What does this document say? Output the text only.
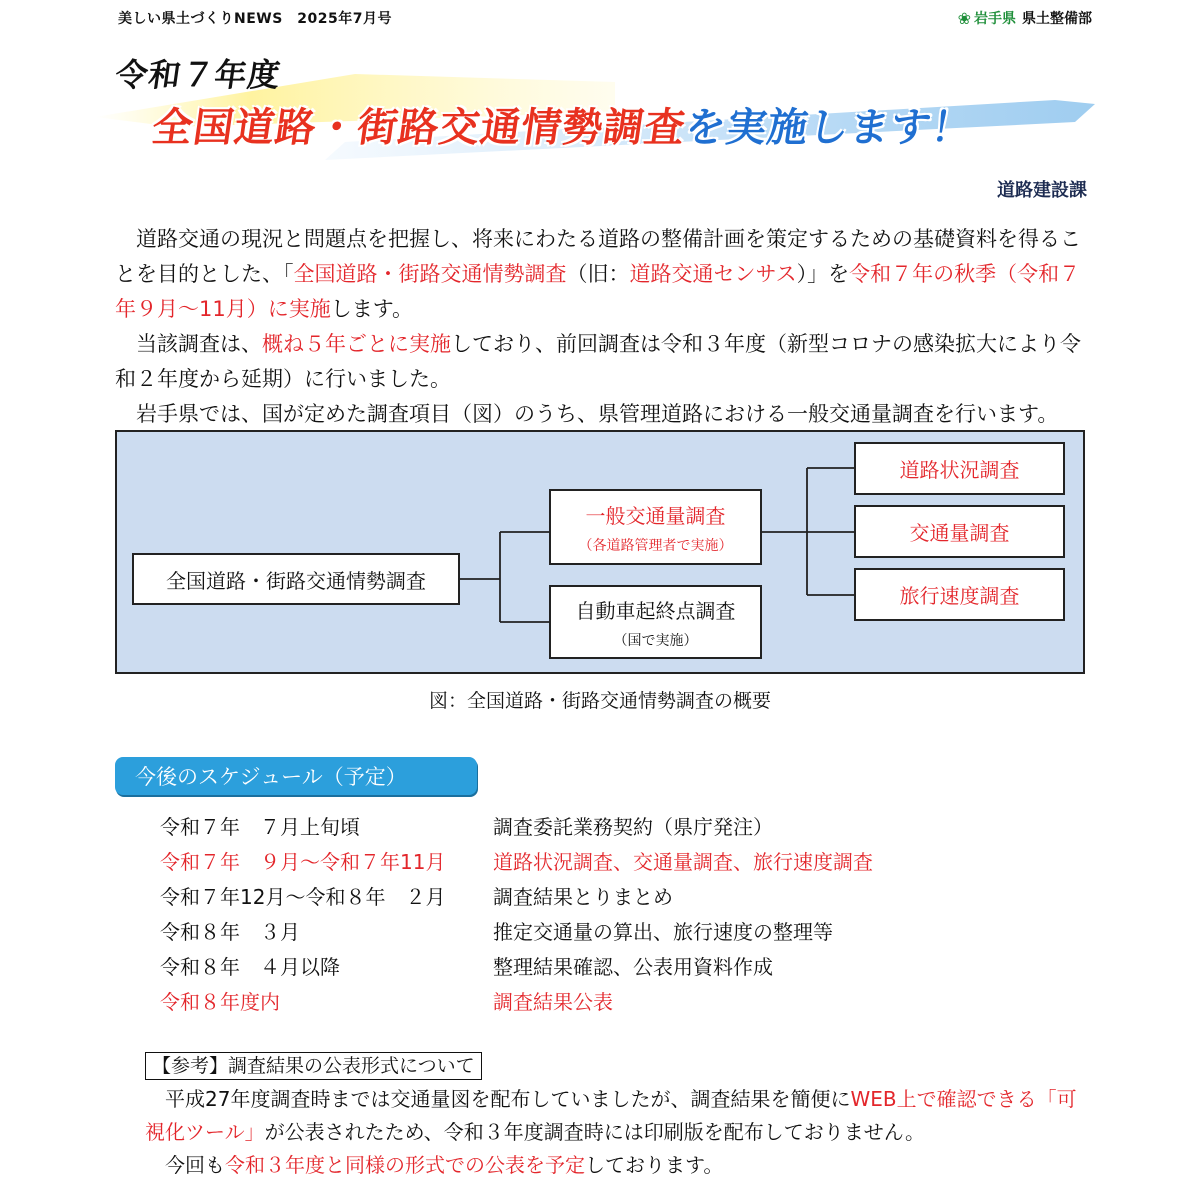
美しい県土づくりNEWS　2025年7月号	❀ 岩手県 県土整備部
令和７年度
全国道路・街路交通情勢調査を実施します！
道路建設課

　道路交通の現況と問題点を把握し、将来にわたる道路の整備計画を策定するための基礎資料を得ることを目的とした、「全国道路・街路交通情勢調査（旧：道路交通センサス）」を令和７年の秋季（令和７年９月～11月）に実施します。

　当該調査は、概ね５年ごとに実施しており、前回調査は令和３年度（新型コロナの感染拡大により令和２年度から延期）に行いました。

　岩手県では、国が定めた調査項目（図）のうち、県管理道路における一般交通量調査を行います。

全国道路・街路交通情勢調査
一般交通量調査
（各道路管理者で実施）
自動車起終点調査
（国で実施）
道路状況調査
交通量調査
旅行速度調査
図：全国道路・街路交通情勢調査の概要
今後のスケジュール（予定）
令和７年　７月上旬頃	調査委託業務契約（県庁発注）
令和７年　９月～令和７年11月 道路状況調査、交通量調査、旅行速度調査
令和７年12月～令和８年　２月 調査結果とりまとめ
令和８年　３月	推定交通量の算出、旅行速度の整理等
令和８年　４月以降	整理結果確認、公表用資料作成
令和８年度内	調査結果公表
【参考】調査結果の公表形式について

　平成27年度調査時までは交通量図を配布していましたが、調査結果を簡便にWEB上で確認できる「可視化ツール」が公表されたため、令和３年度調査時には印刷版を配布しておりません。

　今回も令和３年度と同様の形式での公表を予定しております。
